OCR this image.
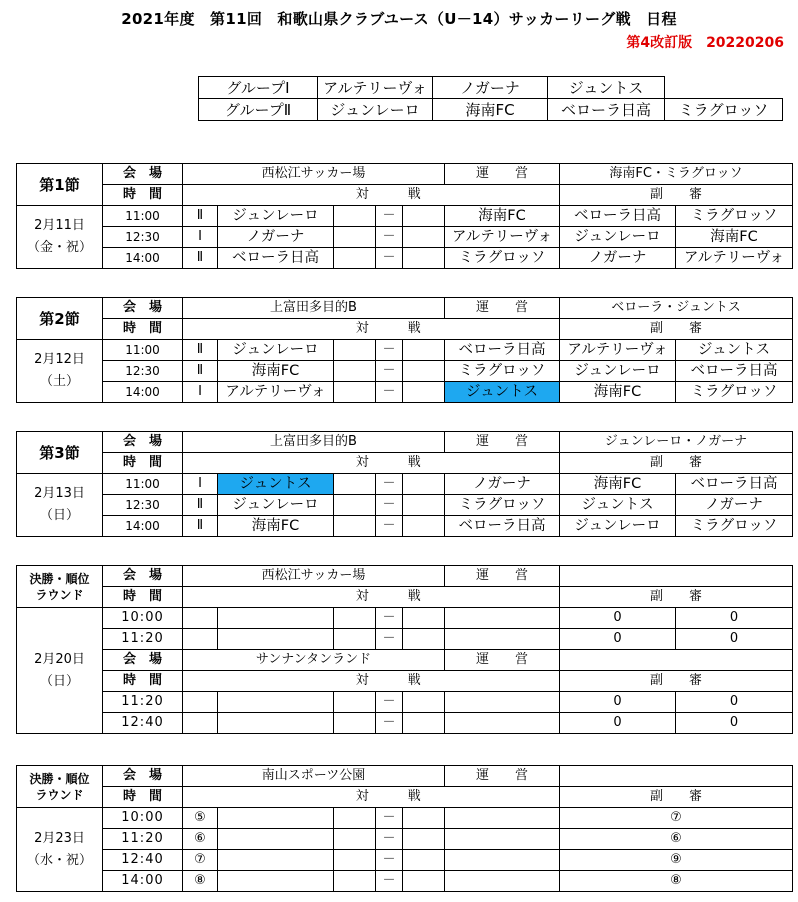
2021年度　第11回　和歌山県クラブユース（U－14）サッカーリーグ戦　日程
第4改訂版　20220206
グループⅠ	アルテリーヴォ	ノガーナ	ジュントス	
グループⅡ	ジュンレーロ	海南FC	ベローラ日高	ミラグロッソ
第1節	会　場	西松江サッカー場					運　　営	海南FC・ミラグロッソ	
	時　間		対　　　戦					副　　審	

2月11日
（金・祝）	11:00	Ⅱ	ジュンレーロ		－		海南FC	ベローラ日高	ミラグロッソ
	12:30	Ⅰ	ノガーナ		－		アルテリーヴォ	ジュンレーロ	海南FC
	14:00	Ⅱ	ベローラ日高		－		ミラグロッソ	ノガーナ	アルテリーヴォ
第2節	会　場	上富田多目的B					運　　営	ベローラ・ジュントス	
	時　間		対　　　戦					副　　審	

2月12日
（土）	11:00	Ⅱ	ジュンレーロ		－		ベローラ日高	アルテリーヴォ	ジュントス
	12:30	Ⅱ	海南FC		－		ミラグロッソ	ジュンレーロ	ベローラ日高
	14:00	Ⅰ	アルテリーヴォ		－		ジュントス	海南FC	ミラグロッソ
第3節	会　場	上富田多目的B					運　　営	ジュンレーロ・ノガーナ	
	時　間		対　　　戦					副　　審	

2月13日
（日）	11:00	Ⅰ	ジュントス		－		ノガーナ	海南FC	ベローラ日高
	12:30	Ⅱ	ジュンレーロ		－		ミラグロッソ	ジュントス	ノガーナ
	14:00	Ⅱ	海南FC		－		ベローラ日高	ジュンレーロ	ミラグロッソ
決勝・順位
ラウンド	会　場	西松江サッカー場					運　　営		
	時　間		対　　　戦					副　　審	

2月20日
（日）	10:00				－			0	0
	11:20				－			0	0
	会　場	サンナンタンランド					運　　営		
	時　間		対　　　戦					副　　審	
	11:20				－			0	0
	12:40				－			0	0
決勝・順位
ラウンド	会　場	南山スポーツ公園					運　　営	
	時　間		対　　　戦					副　　審

2月23日
（水・祝）	10:00	⑤			－			⑦
	11:20	⑥			－			⑥
	12:40	⑦			－			⑨
	14:00	⑧			－			⑧
